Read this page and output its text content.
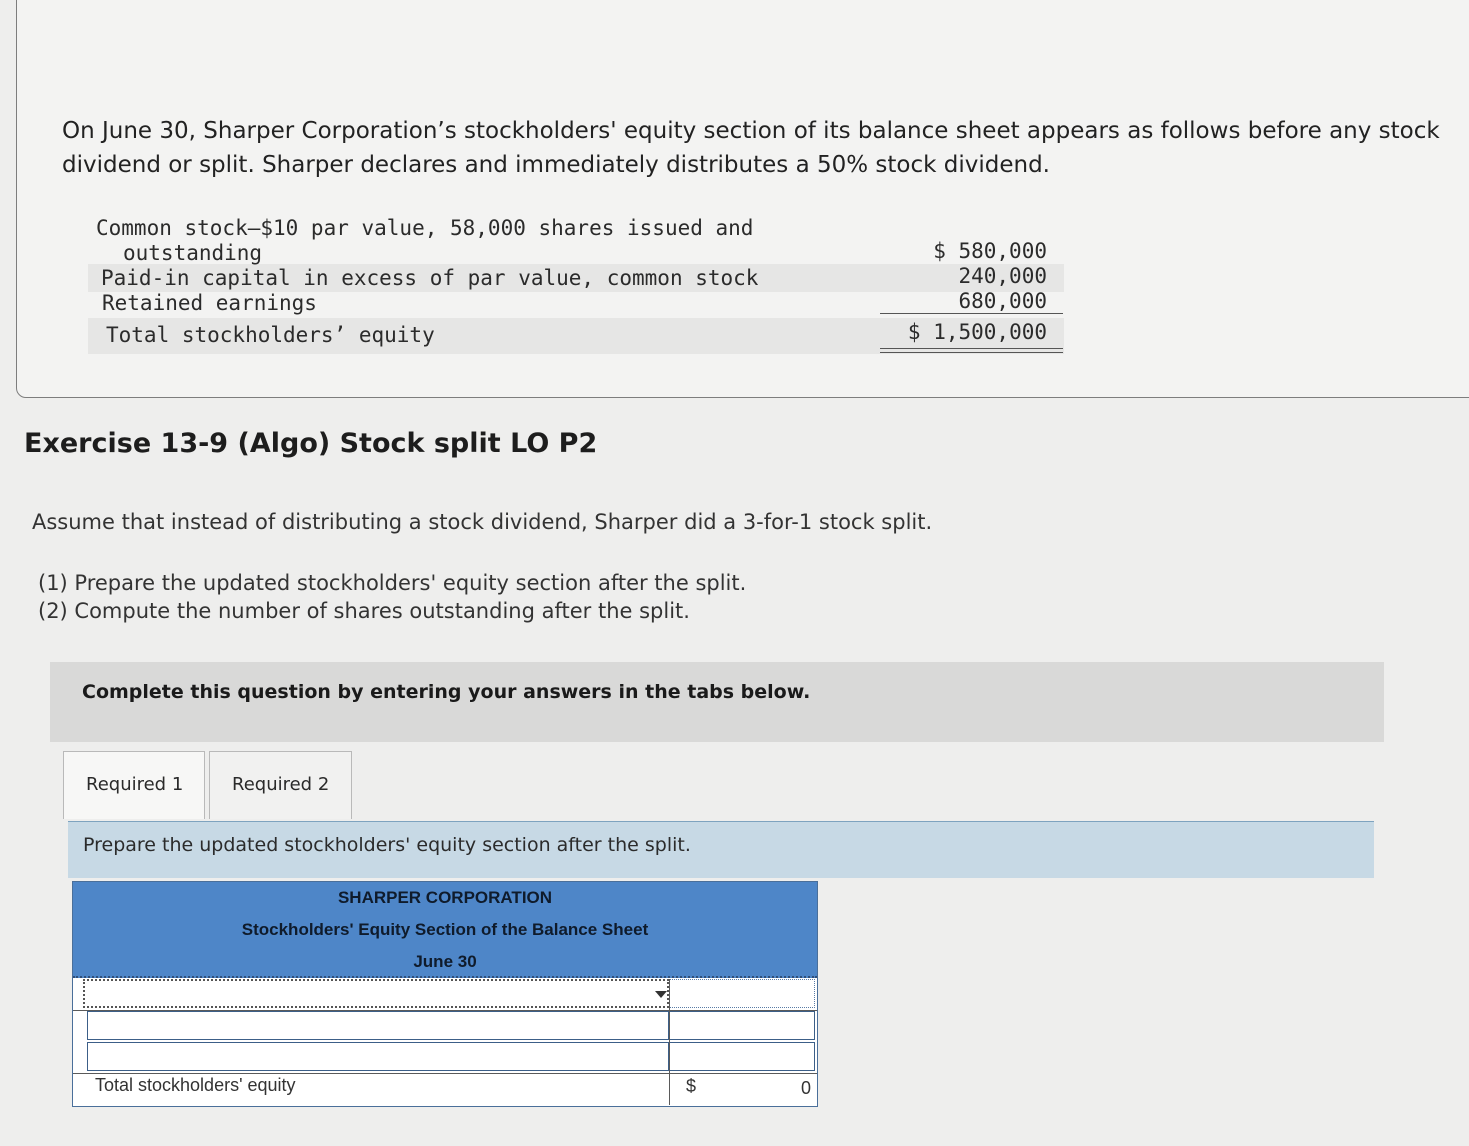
On June 30, Sharper Corporation’s stockholders' equity section of its balance sheet appears as follows before any stock dividend or split. Sharper declares and immediately distributes a 50% stock dividend.
Common stock–$10 par value, 58,000 shares issued and
outstanding	$ 580,000
Paid-in capital in excess of par value, common stock	240,000
Retained earnings	680,000
Total stockholders’ equity	$ 1,500,000
Exercise 13-9 (Algo) Stock split LO P2
Assume that instead of distributing a stock dividend, Sharper did a 3-for-1 stock split.
(1) Prepare the updated stockholders' equity section after the split.
(2) Compute the number of shares outstanding after the split.
Complete this question by entering your answers in the tabs below.
Required 1	Required 2
Prepare the updated stockholders' equity section after the split.
SHARPER CORPORATION
Stockholders' Equity Section of the Balance Sheet
June 30
Total stockholders' equity	$	0
